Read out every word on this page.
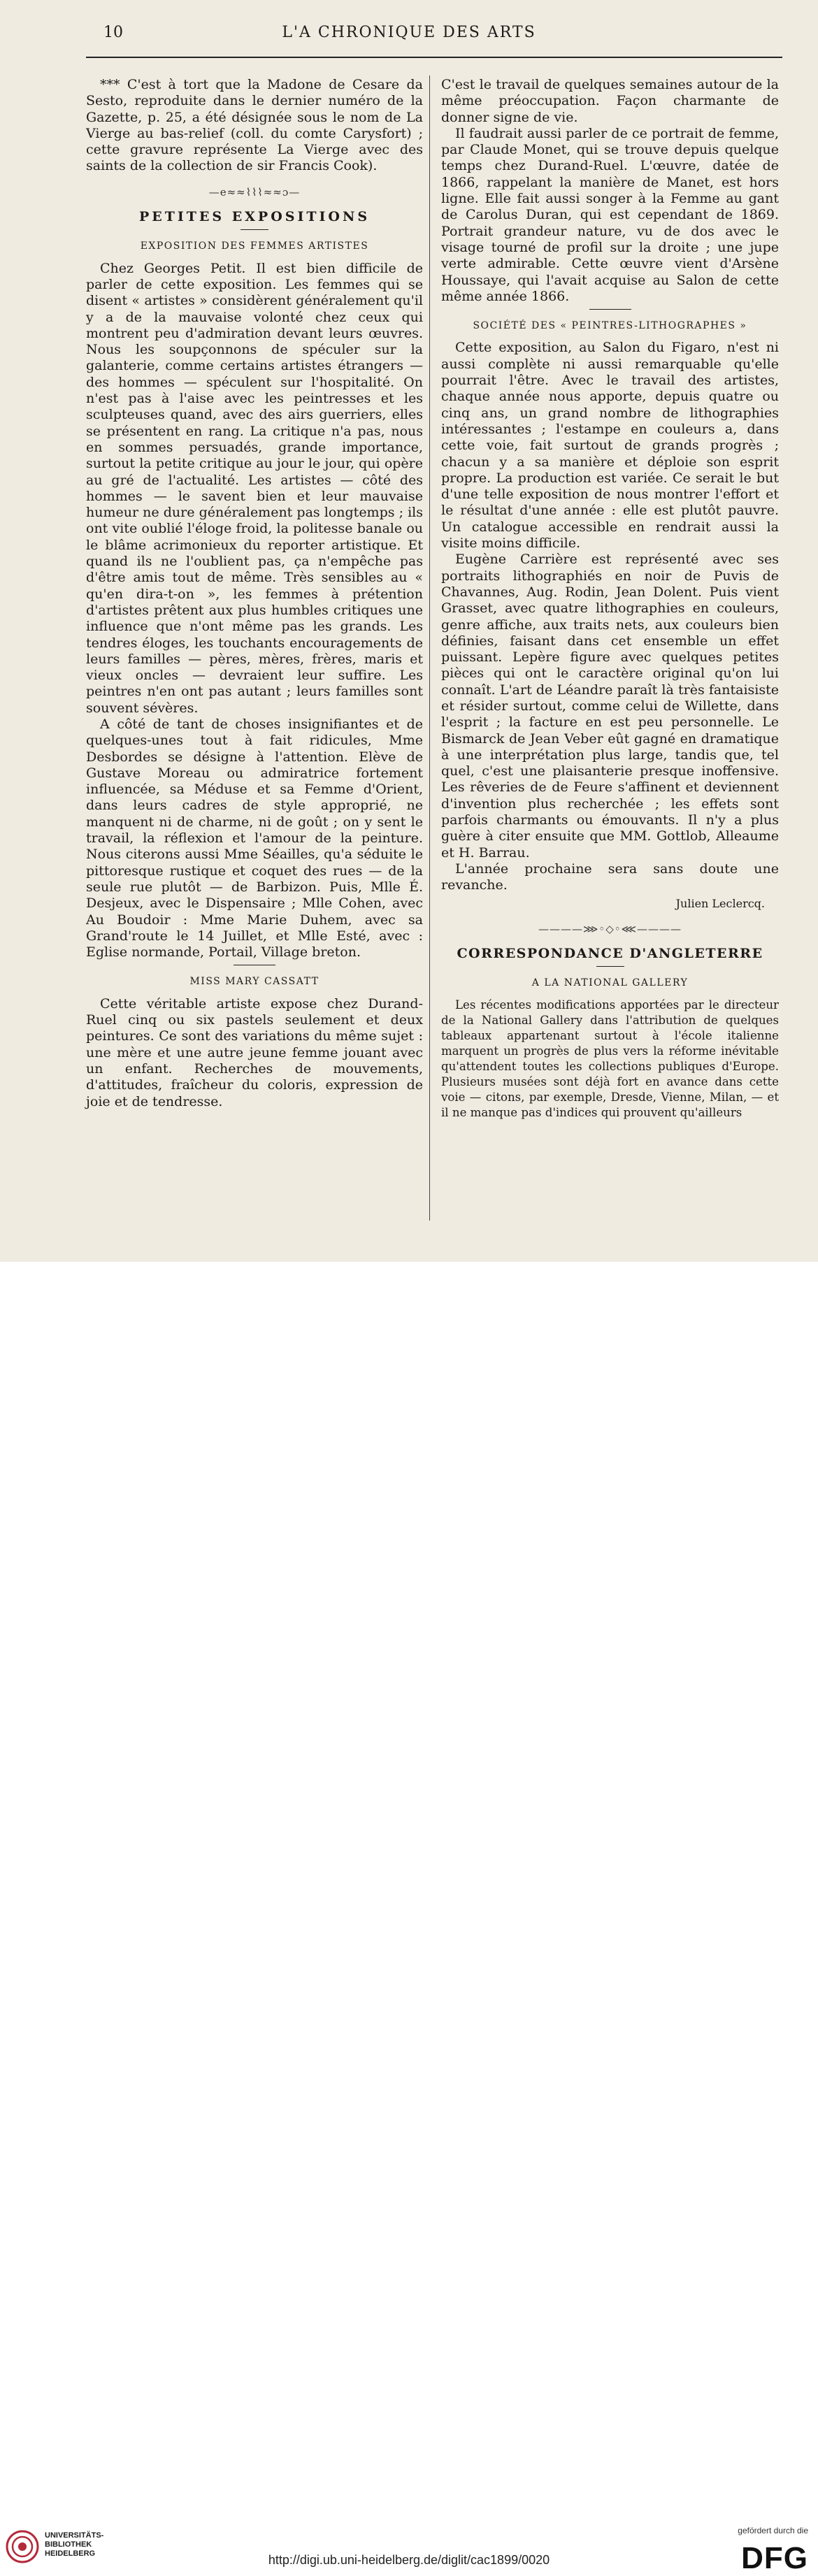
10	L'A CHRONIQUE DES ARTS

*** C'est à tort que la Madone de Cesare da Sesto, reproduite dans le dernier numéro de la Gazette, p. 25, a été désignée sous le nom de La Vierge au bas-relief (coll. du comte Carysfort) ; cette gravure représente La Vierge avec des saints de la collection de sir Francis Cook).

—e≈≈⌇⌇⌇≈≈ɔ—
PETITES EXPOSITIONS
EXPOSITION DES FEMMES ARTISTES

Chez Georges Petit. Il est bien difficile de parler de cette exposition. Les femmes qui se disent « artistes » considèrent généralement qu'il y a de la mauvaise volonté chez ceux qui montrent peu d'admiration devant leurs œuvres. Nous les soupçonnons de spéculer sur la galanterie, comme certains artistes étrangers — des hommes — spéculent sur l'hospitalité. On n'est pas à l'aise avec les peintresses et les sculpteuses quand, avec des airs guerriers, elles se présentent en rang. La critique n'a pas, nous en sommes persuadés, grande importance, surtout la petite critique au jour le jour, qui opère au gré de l'actualité. Les artistes — côté des hommes — le savent bien et leur mauvaise humeur ne dure généralement pas longtemps ; ils ont vite oublié l'éloge froid, la politesse banale ou le blâme acrimonieux du reporter artistique. Et quand ils ne l'oublient pas, ça n'empêche pas d'être amis tout de même. Très sensibles au « qu'en dira-t-on », les femmes à prétention d'artistes prêtent aux plus humbles critiques une influence que n'ont même pas les grands. Les tendres éloges, les touchants encouragements de leurs familles — pères, mères, frères, maris et vieux oncles — devraient leur suffire. Les peintres n'en ont pas autant ; leurs familles sont souvent sévères.

A côté de tant de choses insignifiantes et de quelques-unes tout à fait ridicules, Mme Desbordes se désigne à l'attention. Elève de Gustave Moreau ou admiratrice fortement influencée, sa Méduse et sa Femme d'Orient, dans leurs cadres de style approprié, ne manquent ni de charme, ni de goût ; on y sent le travail, la réflexion et l'amour de la peinture. Nous citerons aussi Mme Séailles, qu'a séduite le pittoresque rustique et coquet des rues — de la seule rue plutôt — de Barbizon. Puis, Mlle É. Desjeux, avec le Dispensaire ; Mlle Cohen, avec Au Boudoir : Mme Marie Duhem, avec sa Grand'route le 14 Juillet, et Mlle Esté, avec : Eglise normande, Portail, Village breton.

MISS MARY CASSATT

Cette véritable artiste expose chez Durand-Ruel cinq ou six pastels seulement et deux peintures. Ce sont des variations du même sujet : une mère et une autre jeune femme jouant avec un enfant. Recherches de mouvements, d'attitudes, fraîcheur du coloris, expression de joie et de tendresse.

C'est le travail de quelques semaines autour de la même préoccupation. Façon charmante de donner signe de vie.

Il faudrait aussi parler de ce portrait de femme, par Claude Monet, qui se trouve depuis quelque temps chez Durand-Ruel. L'œuvre, datée de 1866, rappelant la manière de Manet, est hors ligne. Elle fait aussi songer à la Femme au gant de Carolus Duran, qui est cependant de 1869. Portrait grandeur nature, vu de dos avec le visage tourné de profil sur la droite ; une jupe verte admirable. Cette œuvre vient d'Arsène Houssaye, qui l'avait acquise au Salon de cette même année 1866.

SOCIÉTÉ DES « PEINTRES-LITHOGRAPHES »

Cette exposition, au Salon du Figaro, n'est ni aussi complète ni aussi remarquable qu'elle pourrait l'être. Avec le travail des artistes, chaque année nous apporte, depuis quatre ou cinq ans, un grand nombre de lithographies intéressantes ; l'estampe en couleurs a, dans cette voie, fait surtout de grands progrès ; chacun y a sa manière et déploie son esprit propre. La production est variée. Ce serait le but d'une telle exposition de nous montrer l'effort et le résultat d'une année : elle est plutôt pauvre. Un catalogue accessible en rendrait aussi la visite moins difficile.

Eugène Carrière est représenté avec ses portraits lithographiés en noir de Puvis de Chavannes, Aug. Rodin, Jean Dolent. Puis vient Grasset, avec quatre lithographies en couleurs, genre affiche, aux traits nets, aux couleurs bien définies, faisant dans cet ensemble un effet puissant. Lepère figure avec quelques petites pièces qui ont le caractère original qu'on lui connaît. L'art de Léandre paraît là très fantaisiste et résider surtout, comme celui de Willette, dans l'esprit ; la facture en est peu personnelle. Le Bismarck de Jean Veber eût gagné en dramatique à une interprétation plus large, tandis que, tel quel, c'est une plaisanterie presque inoffensive. Les rêveries de de Feure s'affinent et deviennent d'invention plus recherchée ; les effets sont parfois charmants ou émouvants. Il n'y a plus guère à citer ensuite que MM. Gottlob, Alleaume et H. Barrau.

L'année prochaine sera sans doute une revanche.

Julien Leclercq.
————⋙◦◇◦⋘————
CORRESPONDANCE D'ANGLETERRE
A LA NATIONAL GALLERY

Les récentes modifications apportées par le directeur de la National Gallery dans l'attribution de quelques tableaux appartenant surtout à l'école italienne marquent un progrès de plus vers la réforme inévitable qu'attendent toutes les collections publiques d'Europe. Plusieurs musées sont déjà fort en avance dans cette voie — citons, par exemple, Dresde, Vienne, Milan, — et il ne manque pas d'indices qui prouvent qu'ailleurs

UNIVERSITÄTS-
BIBLIOTHEK
HEIDELBERG	http://digi.ub.uni-heidelberg.de/diglit/cac1899/0020
gefördert durch die
DFG
